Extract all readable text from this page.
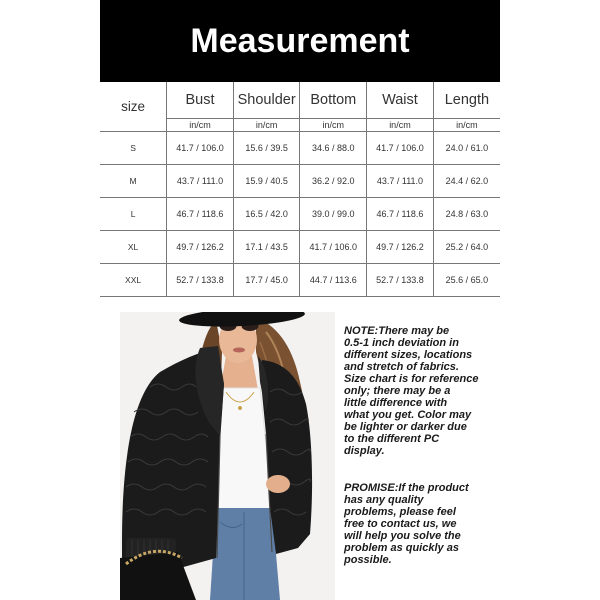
Measurement
size	Bust	Shoulder	Bottom	Waist	Length
	in/cm	in/cm	in/cm	in/cm	in/cm
S	41.7 / 106.0	15.6 / 39.5	34.6 / 88.0	41.7 / 106.0	24.0 / 61.0
M	43.7 / 111.0	15.9 / 40.5	36.2 / 92.0	43.7 / 111.0	24.4 / 62.0
L	46.7 / 118.6	16.5 / 42.0	39.0 / 99.0	46.7 / 118.6	24.8 / 63.0
XL	49.7 / 126.2	17.1 / 43.5	41.7 / 106.0	49.7 / 126.2	25.2 / 64.0
XXL	52.7 / 133.8	17.7 / 45.0	44.7 / 113.6	52.7 / 133.8	25.6 / 65.0
NOTE:There may be
0.5-1 inch deviation in
different sizes, locations
and stretch of fabrics.
Size chart is for reference
only; there may be a
little difference with
what you get. Color may
be lighter or darker due
to the different PC
display.
PROMISE:If the product
has any quality
problems, please feel
free to contact us, we
will help you solve the
problem as quickly as
possible.
